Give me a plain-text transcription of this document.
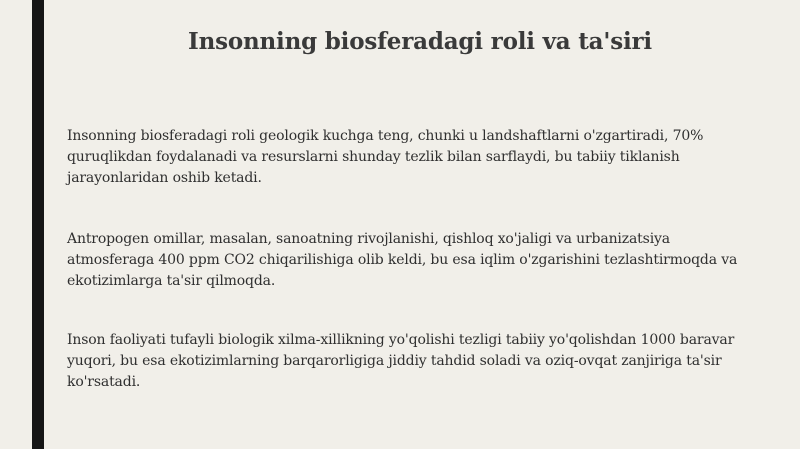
Insonning biosferadagi roli va ta'siri
Insonning biosferadagi roli geologik kuchga teng, chunki u landshaftlarni o'zgartiradi, 70% quruqlikdan foydalanadi va resurslarni shunday tezlik bilan sarflaydi, bu tabiiy tiklanish jarayonlaridan oshib ketadi.
Antropogen omillar, masalan, sanoatning rivojlanishi, qishloq xo'jaligi va urbanizatsiya atmosferaga 400 ppm CO2 chiqarilishiga olib keldi, bu esa iqlim o'zgarishini tezlashtirmoqda va ekotizimlarga ta'sir qilmoqda.
Inson faoliyati tufayli biologik xilma-xillikning yo'qolishi tezligi tabiiy yo'qolishdan 1000 baravar yuqori, bu esa ekotizimlarning barqarorligiga jiddiy tahdid soladi va oziq-ovqat zanjiriga ta'sir ko'rsatadi.
